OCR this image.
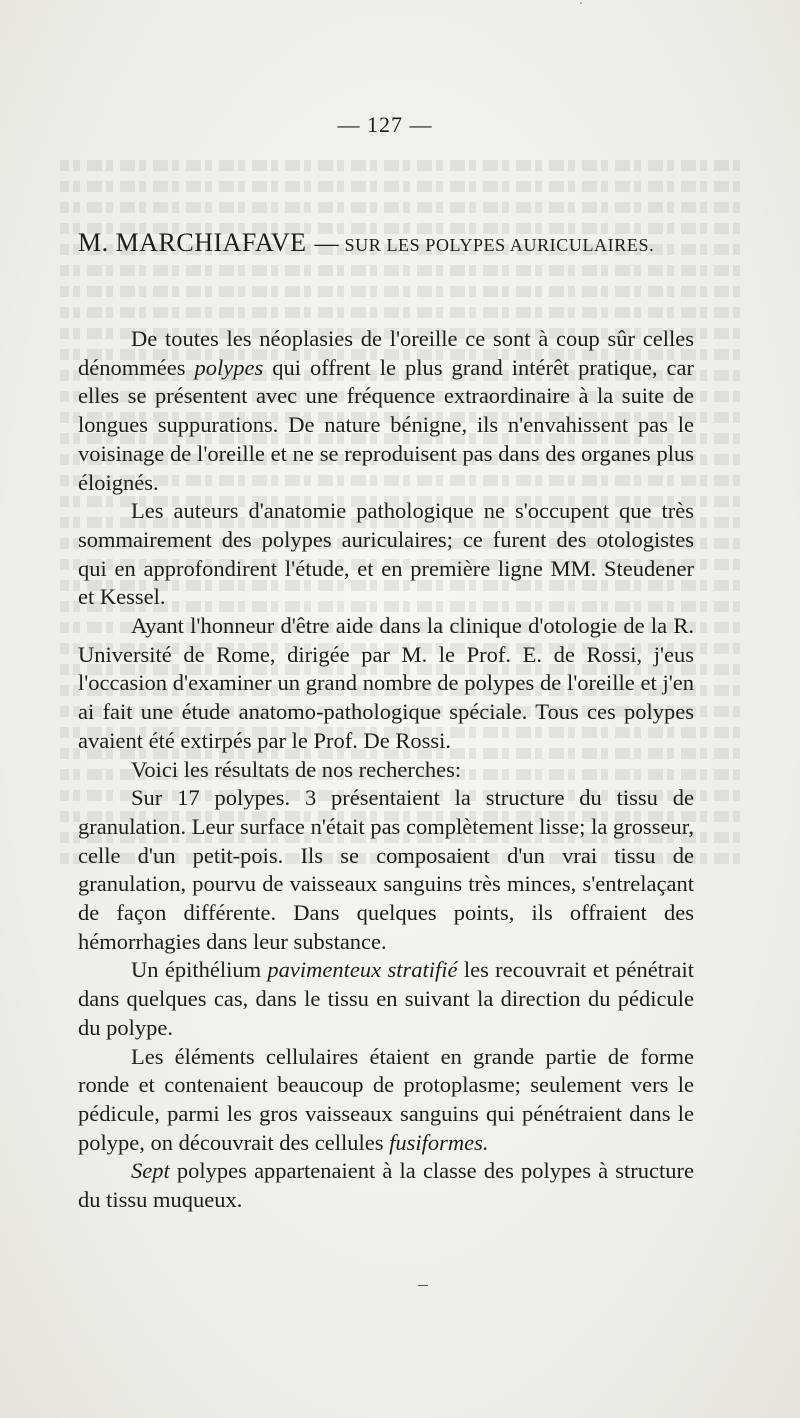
— 127 —
M. MARCHIAFAVE — SUR LES POLYPES AURICULAIRES.

De toutes les néoplasies de l'oreille ce sont à coup sûr celles dénommées polypes qui offrent le plus grand intérêt pratique, car elles se présentent avec une fréquence extraordinaire à la suite de longues suppurations. De nature bénigne, ils n'envahissent pas le voisinage de l'oreille et ne se reproduisent pas dans des organes plus éloignés.

Les auteurs d'anatomie pathologique ne s'occupent que très sommairement des polypes auriculaires; ce furent des otologistes qui en approfondirent l'étude, et en première ligne MM. Steudener et Kessel.

Ayant l'honneur d'être aide dans la clinique d'otologie de la R. Université de Rome, dirigée par M. le Prof. E. de Rossi, j'eus l'occasion d'examiner un grand nombre de polypes de l'oreille et j'en ai fait une étude anatomo-pathologique spéciale. Tous ces polypes avaient été extirpés par le Prof. De Rossi.

Voici les résultats de nos recherches:

Sur 17 polypes. 3 présentaient la structure du tissu de granulation. Leur surface n'était pas complètement lisse; la grosseur, celle d'un petit-pois. Ils se composaient d'un vrai tissu de granulation, pourvu de vaisseaux sanguins très minces, s'entrelaçant de façon différente. Dans quelques points, ils offraient des hémorrhagies dans leur substance.

Un épithélium pavimenteux stratifié les recouvrait et pénétrait dans quelques cas, dans le tissu en suivant la direction du pédicule du polype.

Les éléments cellulaires étaient en grande partie de forme ronde et contenaient beaucoup de protoplasme; seulement vers le pédicule, parmi les gros vaisseaux sanguins qui pénétraient dans le polype, on découvrait des cellules fusiformes.

Sept polypes appartenaient à la classe des polypes à structure du tissu muqueux.
